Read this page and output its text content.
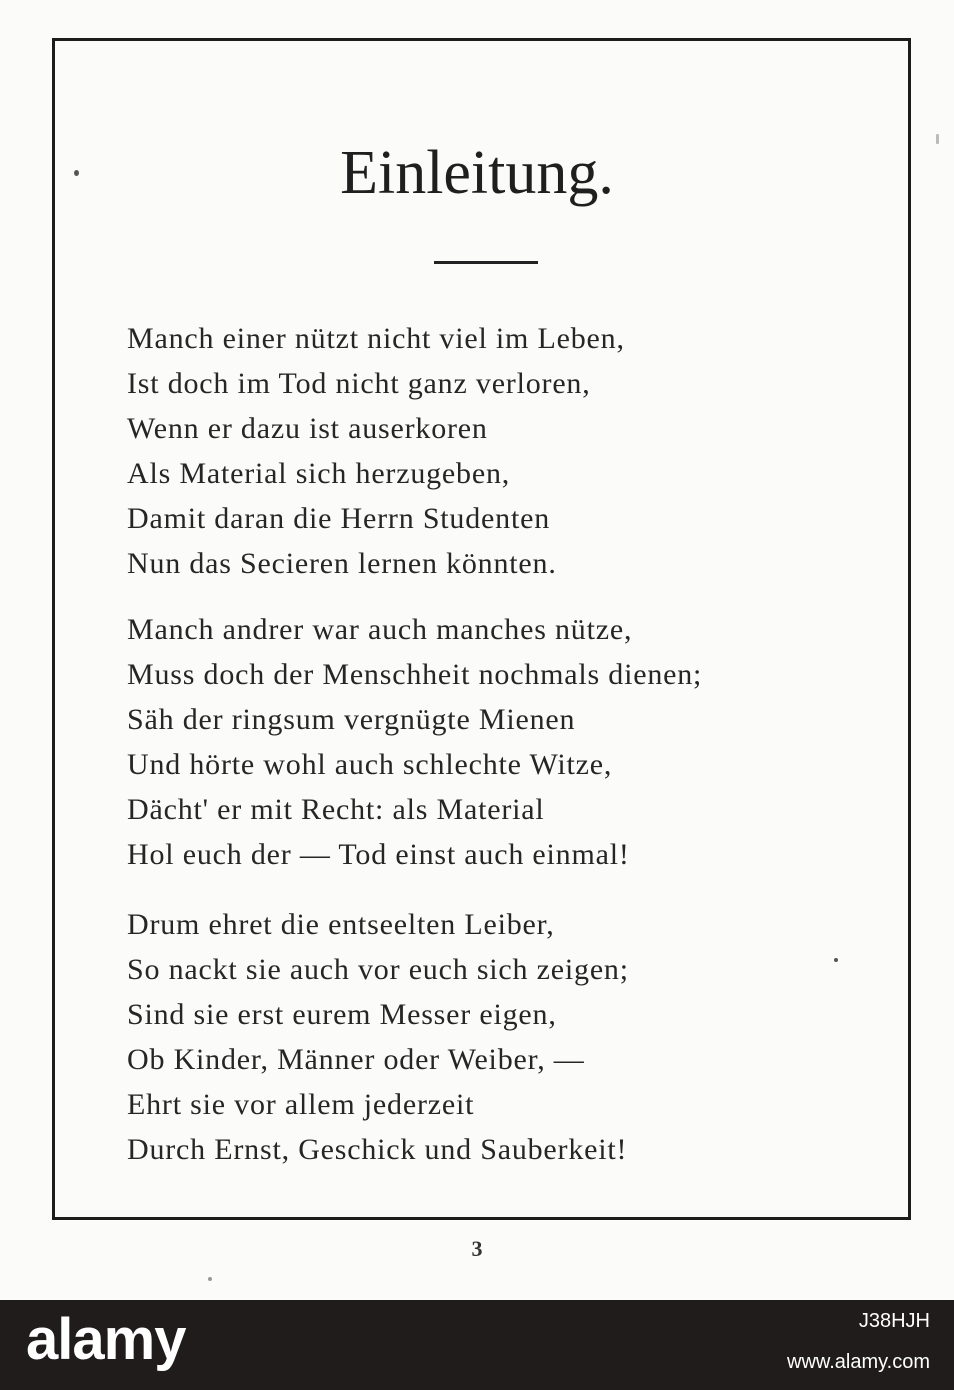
Einleitung.
Manch einer nützt nicht viel im Leben,
Ist doch im Tod nicht ganz verloren,
Wenn er dazu ist auserkoren
Als Material sich herzugeben,
Damit daran die Herrn Studenten
Nun das Secieren lernen könnten.
Manch andrer war auch manches nütze,
Muss doch der Menschheit nochmals dienen;
Säh der ringsum vergnügte Mienen
Und hörte wohl auch schlechte Witze,
Dächt' er mit Recht: als Material
Hol euch der — Tod einst auch einmal!
Drum ehret die entseelten Leiber,
So nackt sie auch vor euch sich zeigen;
Sind sie erst eurem Messer eigen,
Ob Kinder, Männer oder Weiber, —
Ehrt sie vor allem jederzeit
Durch Ernst, Geschick und Sauberkeit!
3
alamy	J38HJH
www.alamy.com
